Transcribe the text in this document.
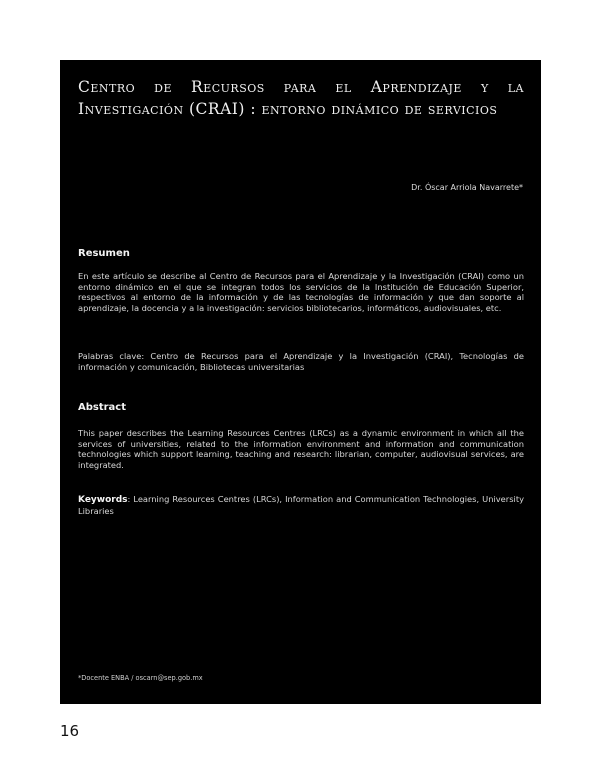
Centro de Recursos para el Aprendizaje y la Investigación (CRAI) : entorno dinámico de servicios
Dr. Óscar Arriola Navarrete*
Resumen

En este artículo se describe al Centro de Recursos para el Aprendizaje y la Investigación (CRAI) como un entorno dinámico en el que se integran todos los servicios de la Institución de Educación Superior, respectivos al entorno de la información y de las tecnologías de información y que dan soporte al aprendizaje, la docencia y a la investigación: servicios bibliotecarios, informáticos, audiovisuales, etc.

Palabras clave: Centro de Recursos para el Aprendizaje y la Investigación (CRAI), Tecnologías de información y comunicación, Bibliotecas universitarias

Abstract

This paper describes the Learning Resources Centres (LRCs) as a dynamic environment in which all the services of universities, related to the information environment and information and communication technologies which support learning, teaching and research: librarian, computer, audiovisual services, are integrated.

Keywords: Learning Resources Centres (LRCs), Information and Communication Technologies, University Libraries

*Docente ENBA / oscarn@sep.gob.mx

16
